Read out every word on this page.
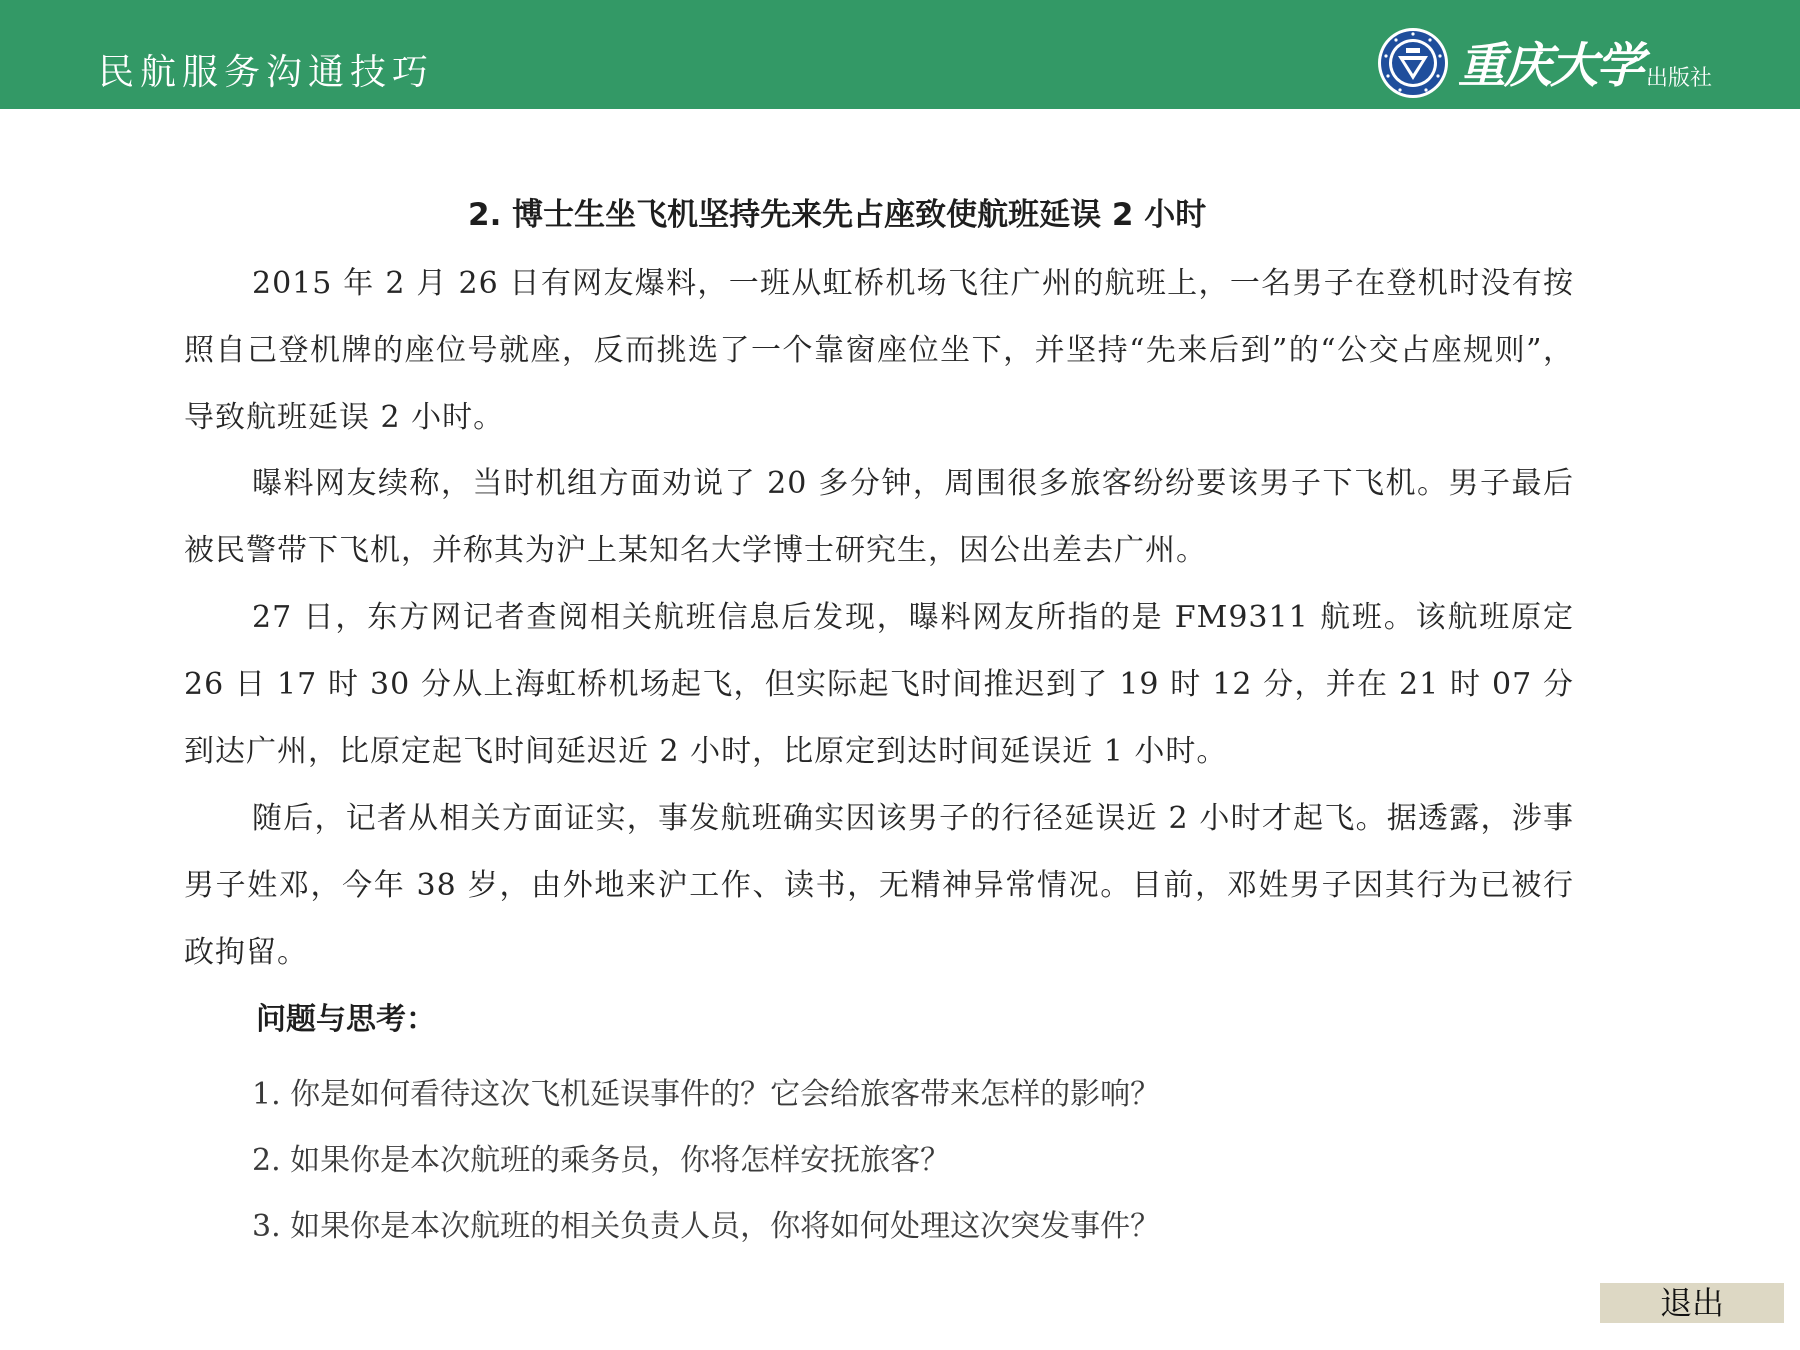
民航服务沟通技巧	重庆大学 出版社
2. 博士生坐飞机坚持先来先占座致使航班延误 2 小时

2015 年 2 月 26 日有网友爆料，一班从虹桥机场飞往广州的航班上，一名男子在登机时没有按照自己登机牌的座位号就座，反而挑选了一个靠窗座位坐下，并坚持“先来后到”的“公交占座规则”，导致航班延误 2 小时。

曝料网友续称，当时机组方面劝说了 20 多分钟，周围很多旅客纷纷要该男子下飞机。男子最后被民警带下飞机，并称其为沪上某知名大学博士研究生，因公出差去广州。

27 日，东方网记者查阅相关航班信息后发现，曝料网友所指的是 FM9311 航班。该航班原定 26 日 17 时 30 分从上海虹桥机场起飞，但实际起飞时间推迟到了 19 时 12 分，并在 21 时 07 分到达广州，比原定起飞时间延迟近 2 小时，比原定到达时间延误近 1 小时。

随后，记者从相关方面证实，事发航班确实因该男子的行径延误近 2 小时才起飞。据透露，涉事男子姓邓，今年 38 岁，由外地来沪工作、读书，无精神异常情况。目前，邓姓男子因其行为已被行政拘留。

问题与思考：
1. 你是如何看待这次飞机延误事件的？它会给旅客带来怎样的影响？
2. 如果你是本次航班的乘务员，你将怎样安抚旅客？
3. 如果你是本次航班的相关负责人员，你将如何处理这次突发事件？
退出
